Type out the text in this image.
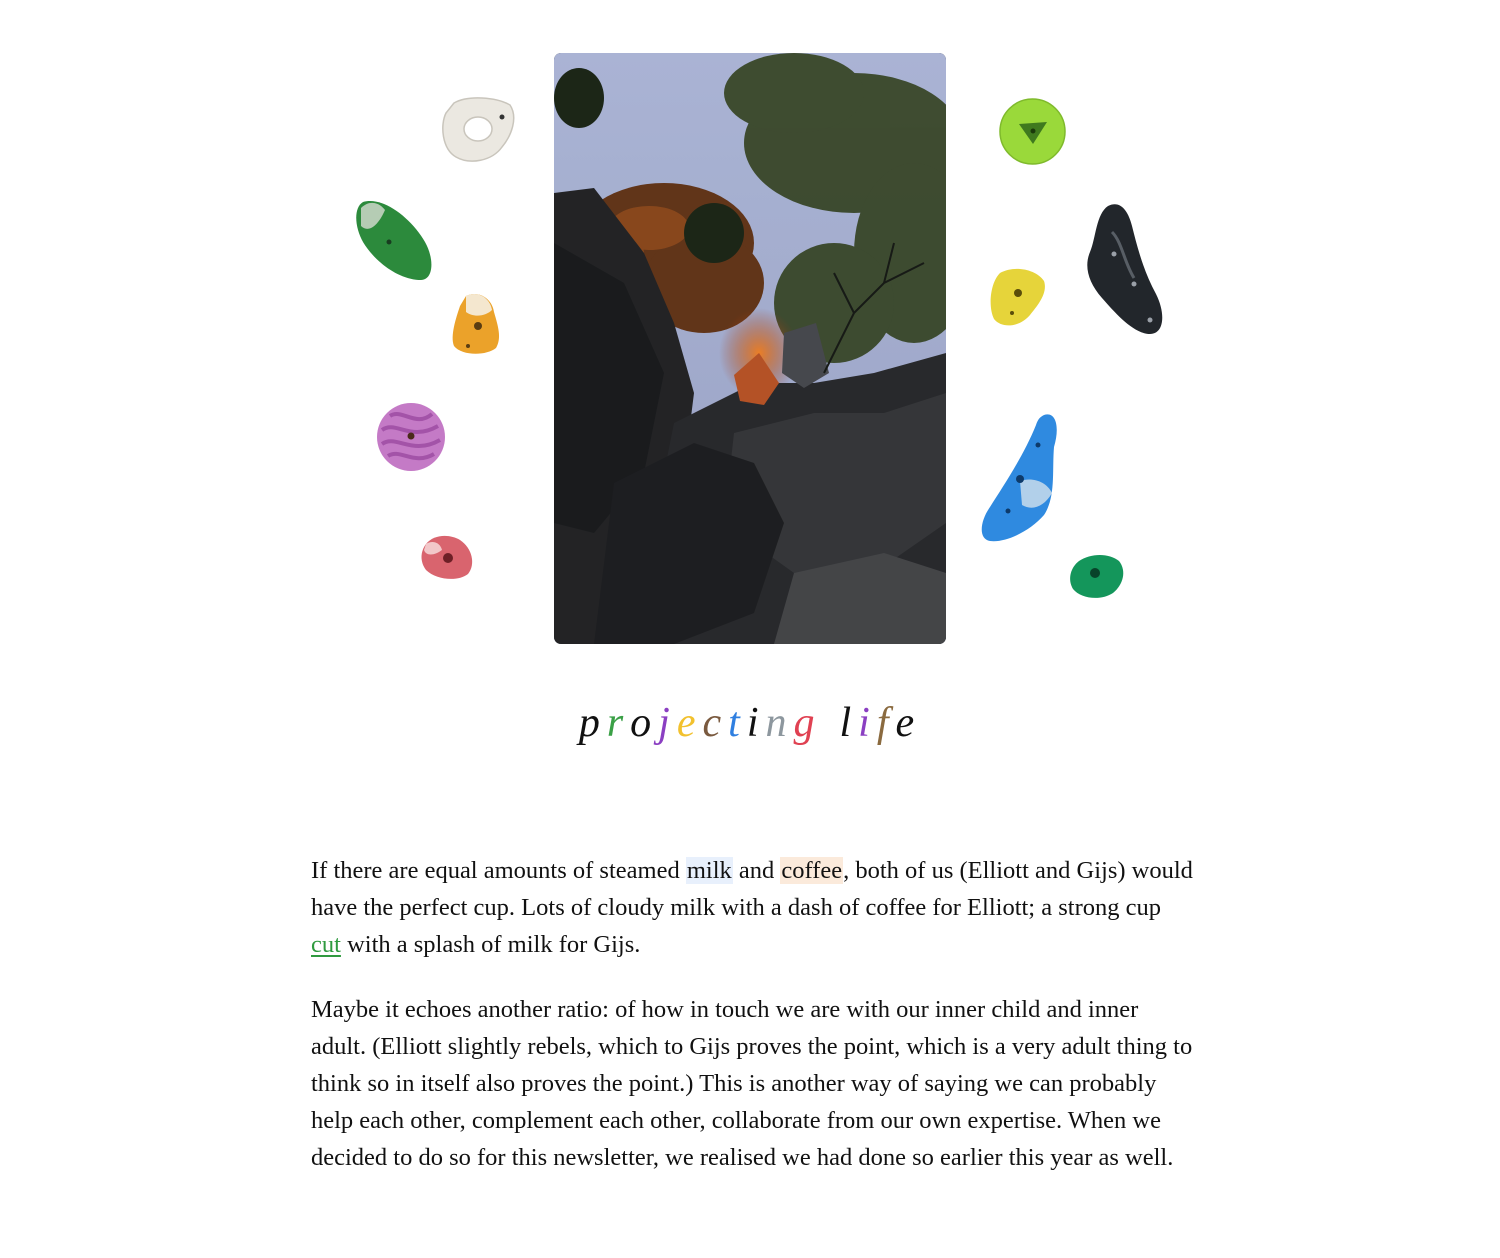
projecting life

If there are equal amounts of steamed milk and coffee, both of us (Elliott and Gijs) would have the perfect cup. Lots of cloudy milk with a dash of coffee for Elliott; a strong cup cut with a splash of milk for Gijs.

Maybe it echoes another ratio: of how in touch we are with our inner child and inner adult. (Elliott slightly rebels, which to Gijs proves the point, which is a very adult thing to think so in itself also proves the point.) This is another way of saying we can probably help each other, complement each other, collaborate from our own expertise. When we decided to do so for this newsletter, we realised we had done so earlier this year as well.
